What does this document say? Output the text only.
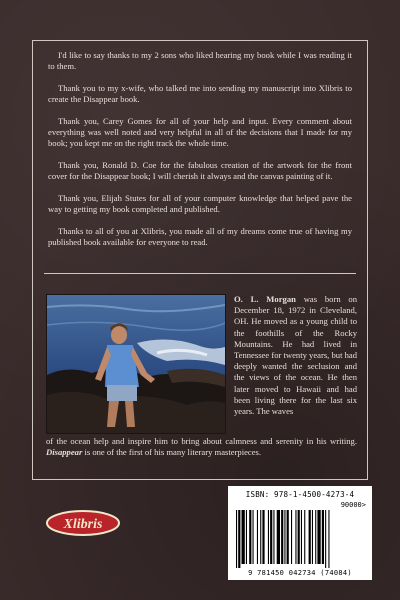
I'd like to say thanks to my 2 sons who liked hearing my book while I was reading it to them.

Thank you to my x-wife, who talked me into sending my manuscript into Xlibris to create the Disappear book.

Thank you, Carey Gomes for all of your help and input. Every comment about everything was well noted and very helpful in all of the decisions that I made for my book; you kept me on the right track the whole time.

Thank you, Ronald D. Coe for the fabulous creation of the artwork for the front cover for the Disappear book; I will cherish it always and the canvas painting of it.

Thank you, Elijah Stutes for all of your computer knowledge that helped pave the way to getting my book completed and published.

Thanks to all of you at Xlibris, you made all of my dreams come true of having my published book available for everyone to read.

O. L. Morgan was born on December 18, 1972 in Cleveland, OH. He moved as a young child to the foothills of the Rocky Mountains. He had lived in Tennessee for twenty years, but had deeply wanted the seclusion and the views of the ocean. He then later moved to Hawaii and had been living there for the last six years. The waves
of the ocean help and inspire him to bring about calmness and serenity in his writing. Disappear is one of the first of his many literary masterpieces.
Xlibris
ISBN: 978-1-4500-4273-4
90000>
9 781450 042734 (74084)
